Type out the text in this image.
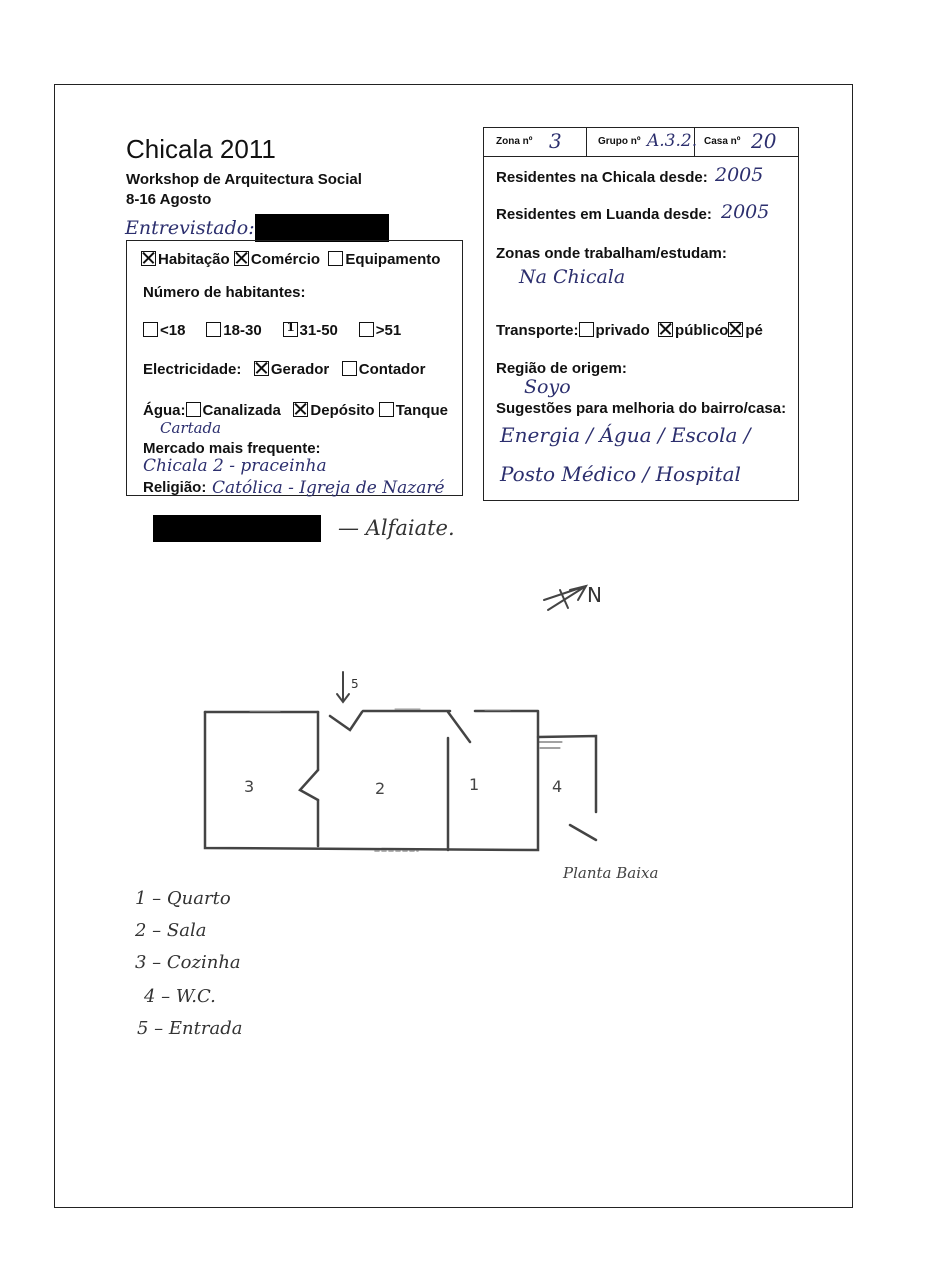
Chicala 2011
Workshop de Arquitectura Social
8-16 Agosto
Entrevistado:
Habitação Comércio Equipamento
Número de habitantes:
<18	18-30     1	31-50	>51
Electricidade: Gerador Contador
Água: Canalizada Depósito Tanque
Cartada
Mercado mais frequente:
Chicala 2 - praceinha
Religião: Católica - Igreja de Nazaré
— Alfaiate.
Zona nº 3	Grupo nº A.3.2. Casa nº 20
Residentes na Chicala desde: 2005
Residentes em Luanda desde: 2005
Zonas onde trabalham/estudam:
Na Chicala
Transporte: privado público pé
Região de origem:
Soyo
Sugestões para melhoria do bairro/casa:
Energia / Água / Escola /
Posto Médico / Hospital
5
N
3	2	1	4
Planta Baixa
1 – Quarto
2 – Sala
3 – Cozinha
4 – W.C.
5 – Entrada
